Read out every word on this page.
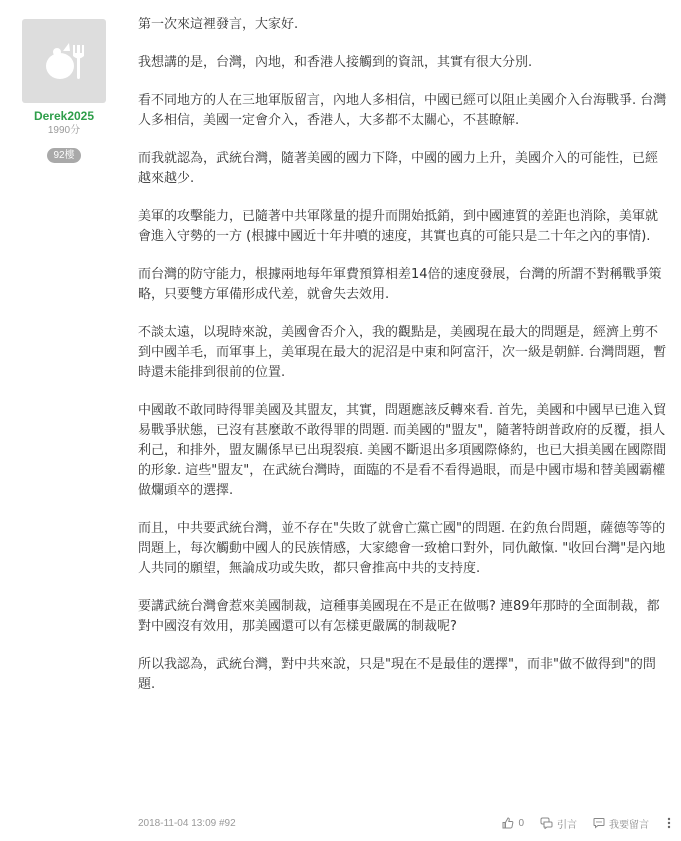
Derek2025
1990分
92樓

第一次來這裡發言，大家好.

我想講的是，台灣，內地，和香港人接觸到的資訊，其實有很大分別.

看不同地方的人在三地軍版留言，內地人多相信，中國已經可以阻止美國介入台海戰爭. 台灣人多相信，美國一定會介入，香港人，大多都不太關心，不甚瞭解.

而我就認為，武統台灣，隨著美國的國力下降，中國的國力上升，美國介入的可能性，已經越來越少.

美軍的攻擊能力，已隨著中共軍隊量的提升而開始抵銷，到中國連質的差距也消除，美軍就會進入守勢的一方 (根據中國近十年井噴的速度，其實也真的可能只是二十年之內的事情).

而台灣的防守能力，根據兩地每年軍費預算相差14倍的速度發展，台灣的所謂不對稱戰爭策略，只要雙方軍備形成代差，就會失去效用.

不談太遠，以現時來說，美國會否介入，我的觀點是，美國現在最大的問題是，經濟上剪不到中國羊毛，而軍事上，美軍現在最大的泥沼是中東和阿富汗，次一級是朝鮮. 台灣問題，暫時還未能排到很前的位置.

中國敢不敢同時得罪美國及其盟友，其實，問題應該反轉來看. 首先，美國和中國早已進入貿易戰爭狀態，已沒有甚麼敢不敢得罪的問題. 而美國的"盟友"，隨著特朗普政府的反覆，損人利己，和排外，盟友關係早已出現裂痕. 美國不斷退出多項國際條約，也已大損美國在國際間的形象. 這些"盟友"，在武統台灣時，面臨的不是看不看得過眼，而是中國市場和替美國霸權做爛頭卒的選擇.

而且，中共要武統台灣，並不存在"失敗了就會亡黨亡國"的問題. 在釣魚台問題，薩德等等的問題上，每次觸動中國人的民族情感，大家總會一致槍口對外，同仇敵愾. "收回台灣"是內地人共同的願望，無論成功或失敗，都只會推高中共的支持度.

要講武統台灣會惹來美國制裁，這種事美國現在不是正在做嗎? 連89年那時的全面制裁，都對中國沒有效用，那美國還可以有怎樣更嚴厲的制裁呢?

所以我認為，武統台灣，對中共來說，只是"現在不是最佳的選擇"，而非"做不做得到"的問題.

2018-11-04 13:09 #92	0	引言	我要留言
